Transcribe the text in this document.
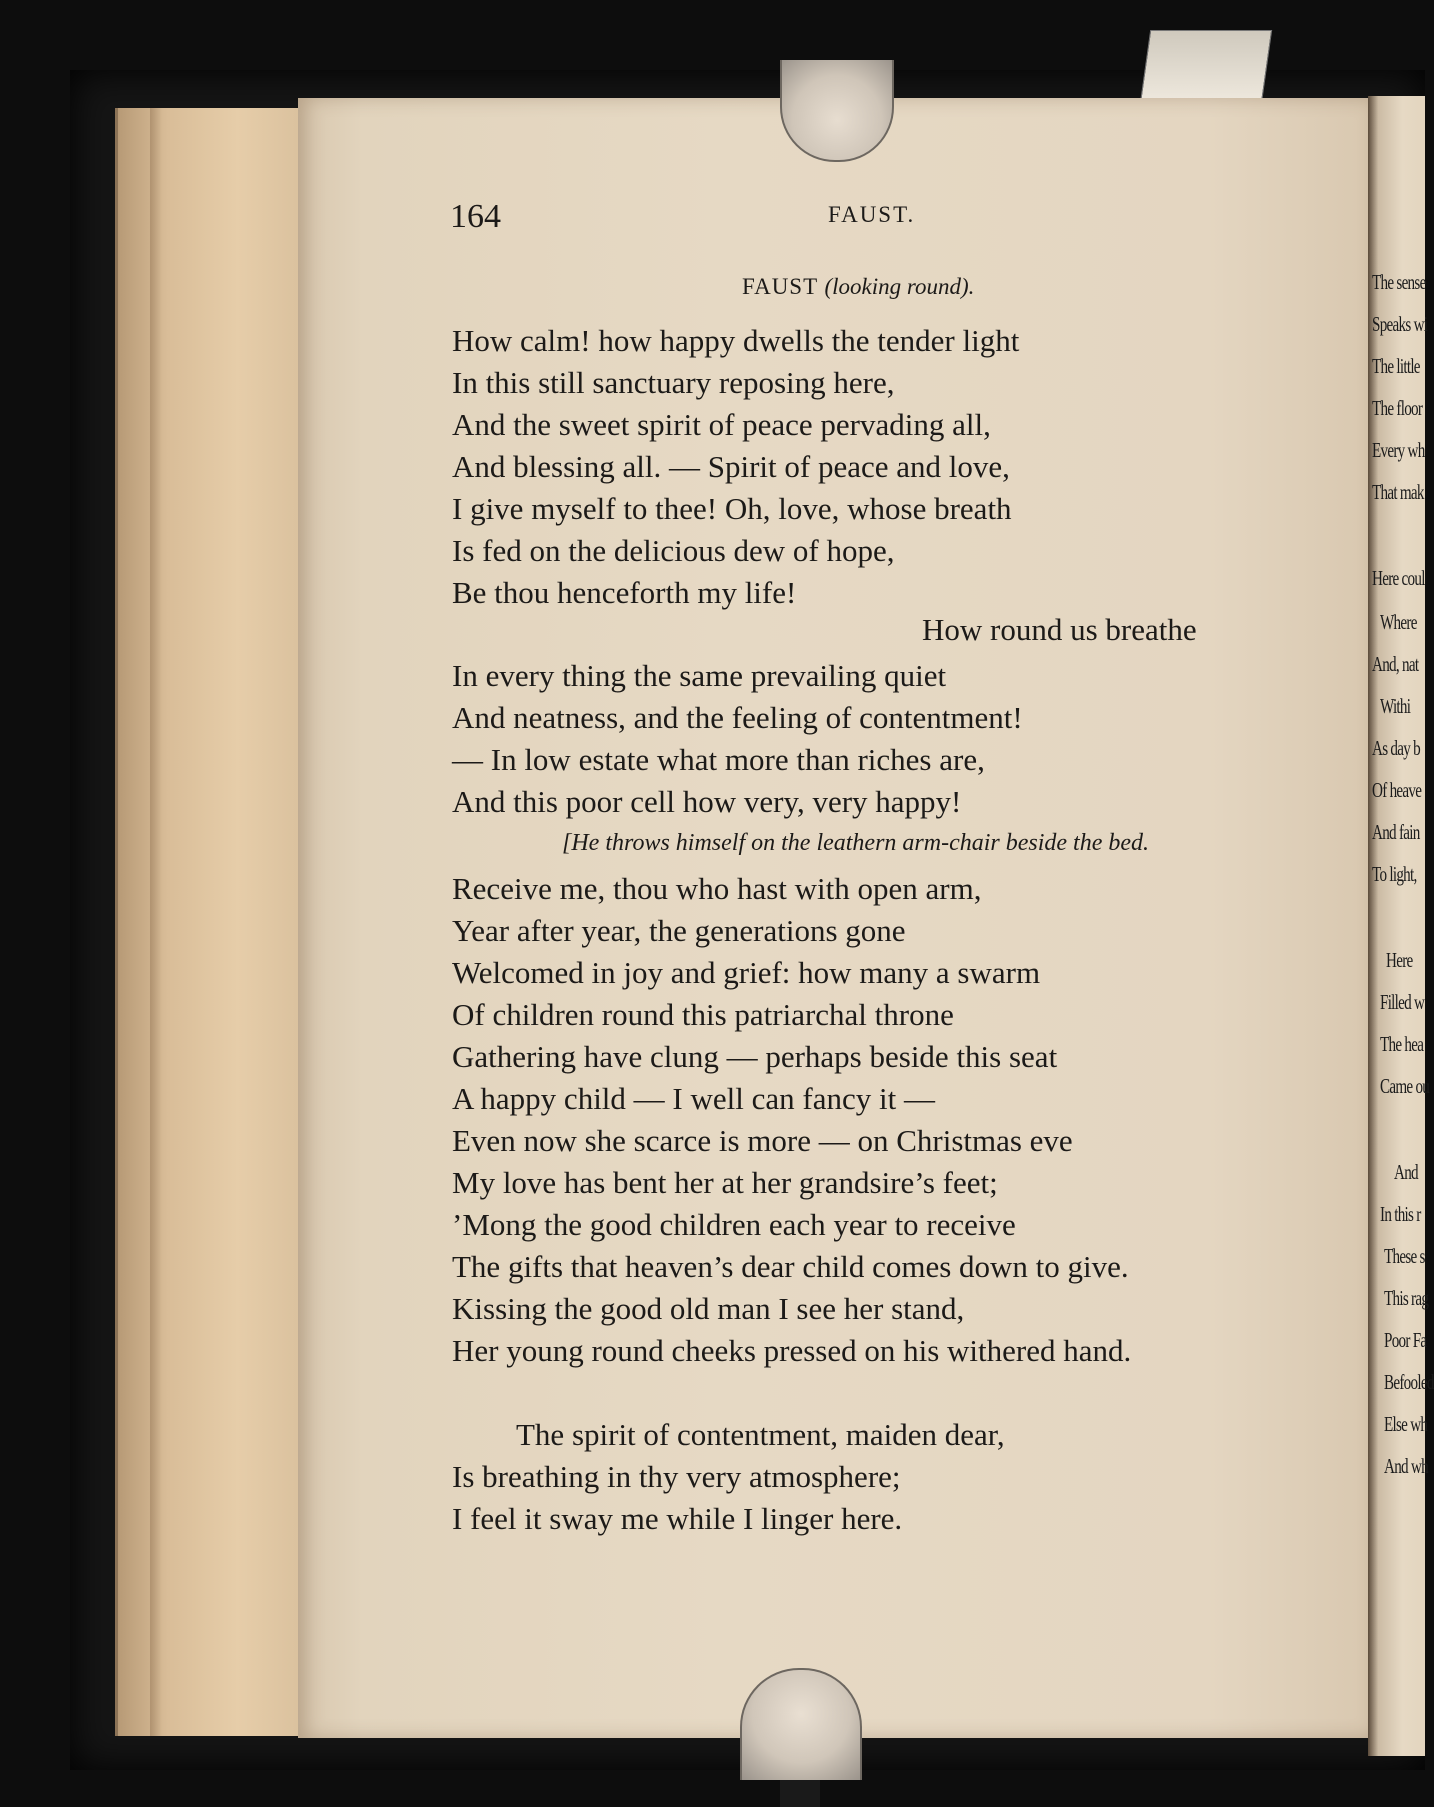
The sense
Speaks wi
The little
The floor
Every wh
That mak
Here coul
Where
And, nat
Withi
As day b
Of heave
And fain
To light,
Here
Filled w
The hea
Came ou
And
In this r
These s
This rag
Poor Fa
Befooled
Else wh
And wh
164	FAUST.
FAUST (looking round).
How calm! how happy dwells the tender light
In this still sanctuary reposing here,
And the sweet spirit of peace pervading all,
And blessing all. — Spirit of peace and love,
I give myself to thee! Oh, love, whose breath
Is fed on the delicious dew of hope,
Be thou henceforth my life!
How round us breathe
In every thing the same prevailing quiet
And neatness, and the feeling of contentment!
— In low estate what more than riches are,
And this poor cell how very, very happy!
[He throws himself on the leathern arm-chair beside the bed.
Receive me, thou who hast with open arm,
Year after year, the generations gone
Welcomed in joy and grief: how many a swarm
Of children round this patriarchal throne
Gathering have clung — perhaps beside this seat
A happy child — I well can fancy it —
Even now she scarce is more — on Christmas eve
My love has bent her at her grandsire’s feet;
’Mong the good children each year to receive
The gifts that heaven’s dear child comes down to give.
Kissing the good old man I see her stand,
Her young round cheeks pressed on his withered hand.
The spirit of contentment, maiden dear,
Is breathing in thy very atmosphere;
I feel it sway me while I linger here.
